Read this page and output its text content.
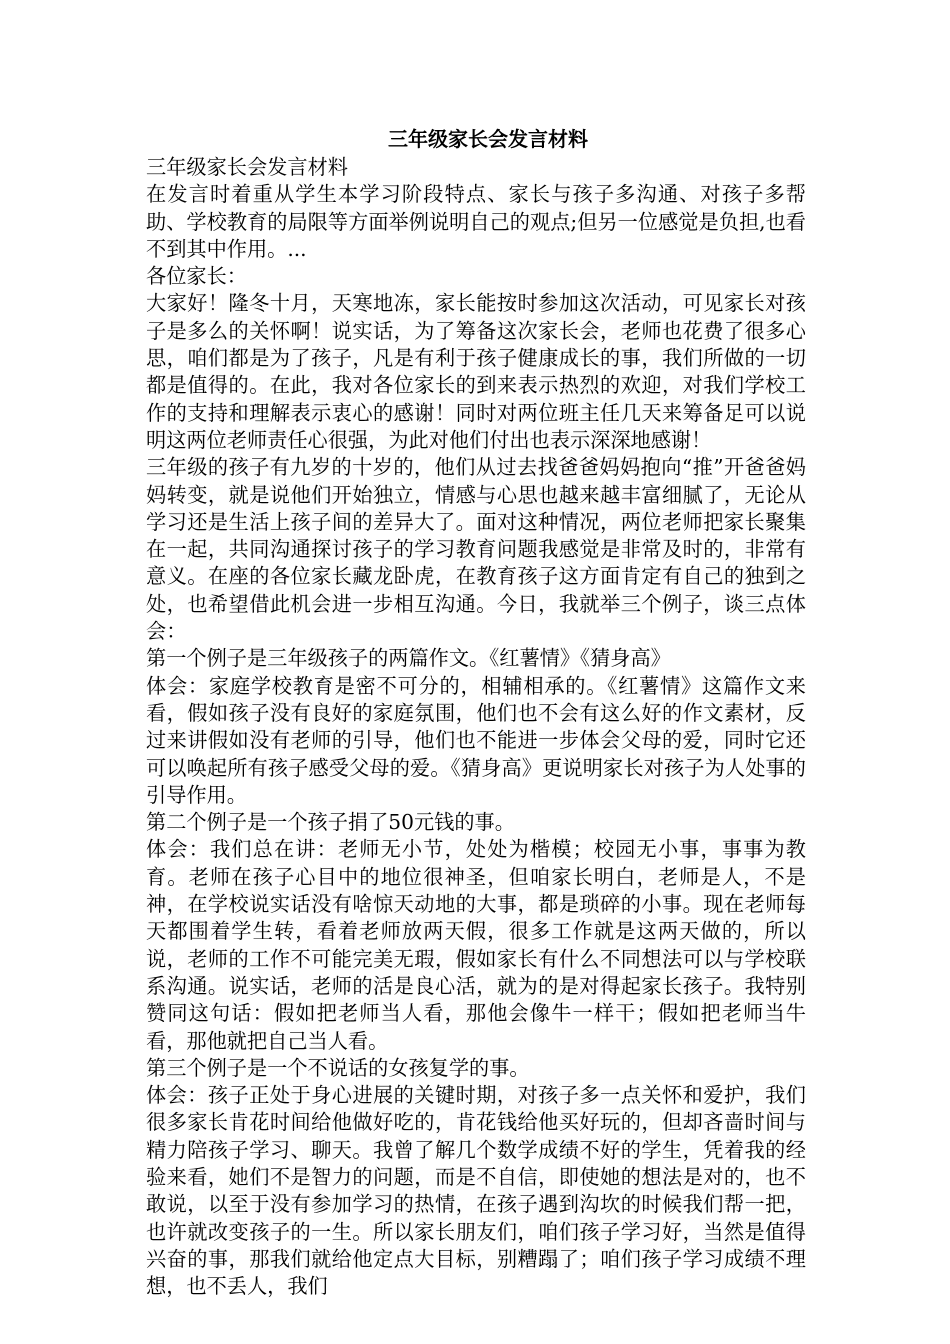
三年级家长会发言材料

三年级家长会发言材料

在发言时着重从学生本学习阶段特点、家长与孩子多沟通、对孩子多帮助、学校教育的局限等方面举例说明自己的观点;但另一位感觉是负担,也看不到其中作用。...

各位家长：

大家好！隆冬十月，天寒地冻，家长能按时参加这次活动，可见家长对孩子是多么的关怀啊！说实话，为了筹备这次家长会，老师也花费了很多心思，咱们都是为了孩子，凡是有利于孩子健康成长的事，我们所做的一切都是值得的。在此，我对各位家长的到来表示热烈的欢迎，对我们学校工作的支持和理解表示衷心的感谢！同时对两位班主任几天来筹备足可以说明这两位老师责任心很强，为此对他们付出也表示深深地感谢！

三年级的孩子有九岁的十岁的，他们从过去找爸爸妈妈抱向“推”开爸爸妈妈转变，就是说他们开始独立，情感与心思也越来越丰富细腻了，无论从学习还是生活上孩子间的差异大了。面对这种情况，两位老师把家长聚集在一起，共同沟通探讨孩子的学习教育问题我感觉是非常及时的，非常有意义。在座的各位家长藏龙卧虎，在教育孩子这方面肯定有自己的独到之处，也希望借此机会进一步相互沟通。今日，我就举三个例子，谈三点体会：

第一个例子是三年级孩子的两篇作文。《红薯情》《猜身高》

体会：家庭学校教育是密不可分的，相辅相承的。《红薯情》这篇作文来看，假如孩子没有良好的家庭氛围，他们也不会有这么好的作文素材，反过来讲假如没有老师的引导，他们也不能进一步体会父母的爱，同时它还可以唤起所有孩子感受父母的爱。《猜身高》更说明家长对孩子为人处事的引导作用。

第二个例子是一个孩子捐了50元钱的事。

体会：我们总在讲：老师无小节，处处为楷模；校园无小事，事事为教育。老师在孩子心目中的地位很神圣，但咱家长明白，老师是人，不是神，在学校说实话没有啥惊天动地的大事，都是琐碎的小事。现在老师每天都围着学生转，看着老师放两天假，很多工作就是这两天做的，所以说，老师的工作不可能完美无瑕，假如家长有什么不同想法可以与学校联系沟通。说实话，老师的活是良心活，就为的是对得起家长孩子。我特别赞同这句话：假如把老师当人看，那他会像牛一样干；假如把老师当牛看，那他就把自己当人看。

第三个例子是一个不说话的女孩复学的事。

体会：孩子正处于身心进展的关键时期，对孩子多一点关怀和爱护，我们很多家长肯花时间给他做好吃的，肯花钱给他买好玩的，但却吝啬时间与精力陪孩子学习、聊天。我曾了解几个数学成绩不好的学生，凭着我的经验来看，她们不是智力的问题，而是不自信，即使她的想法是对的，也不敢说，以至于没有参加学习的热情，在孩子遇到沟坎的时候我们帮一把，也许就改变孩子的一生。所以家长朋友们，咱们孩子学习好，当然是值得兴奋的事，那我们就给他定点大目标，别糟蹋了；咱们孩子学习成绩不理想，也不丢人，我们
